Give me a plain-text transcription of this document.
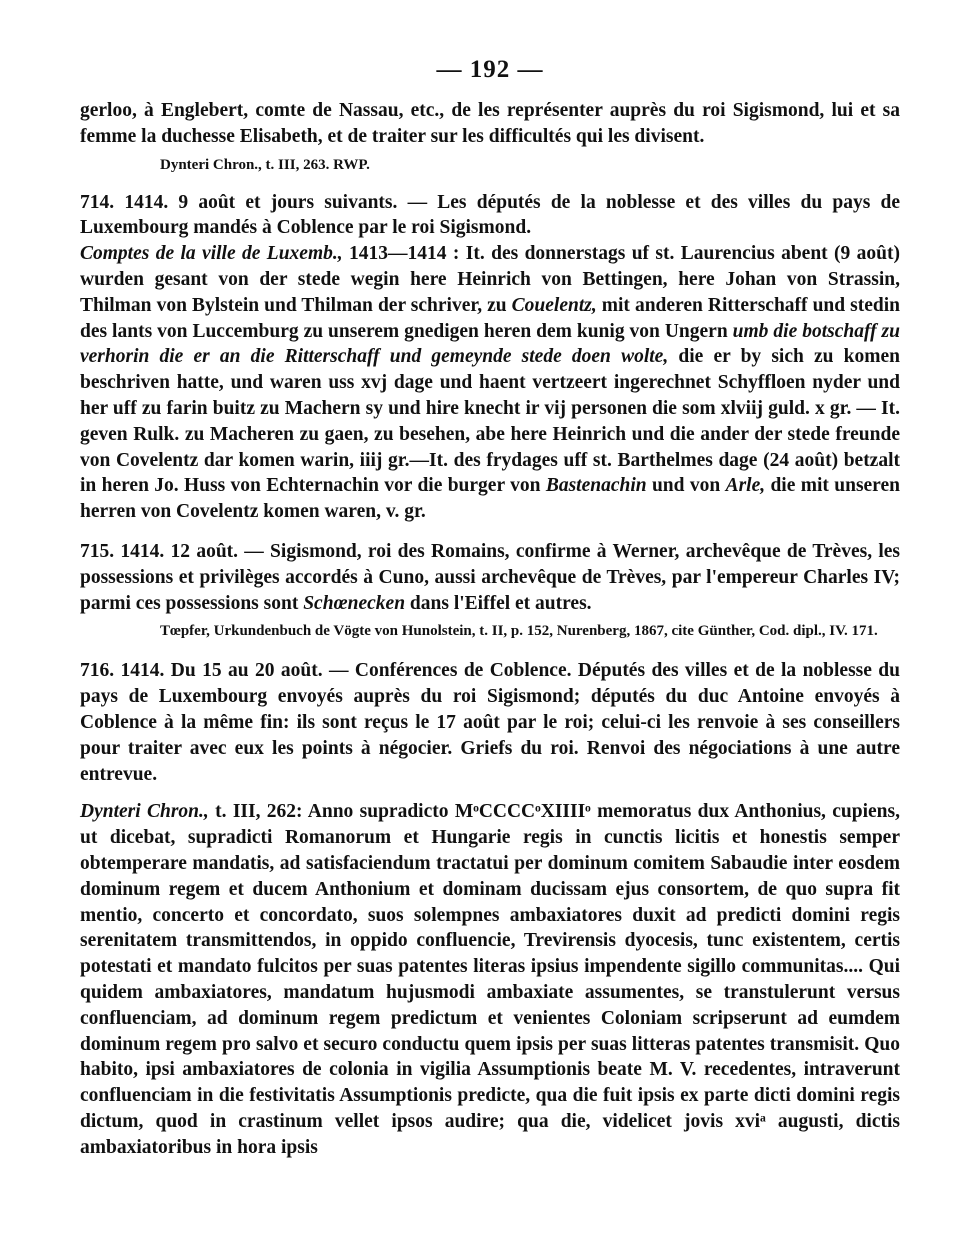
— 192 —

gerloo, à Englebert, comte de Nassau, etc., de les représenter auprès du roi Sigismond, lui et sa femme la duchesse Elisabeth, et de traiter sur les difficultés qui les divisent.

Dynteri Chron., t. III, 263. RWP.

714. 1414. 9 août et jours suivants. — Les députés de la noblesse et des villes du pays de Luxembourg mandés à Coblence par le roi Sigismond.

Comptes de la ville de Luxemb., 1413—1414 : It. des donnerstags uf st. Laurencius abent (9 août) wurden gesant von der stede wegin here Heinrich von Bettingen, here Johan von Strassin, Thilman von Bylstein und Thilman der schriver, zu Couelentz, mit anderen Ritterschaff und stedin des lants von Luccemburg zu unserem gnedigen heren dem kunig von Ungern umb die botschaff zu verhorin die er an die Ritterschaff und gemeynde stede doen wolte, die er by sich zu komen beschriven hatte, und waren uss xvj dage und haent vertzeert ingerechnet Schyffloen nyder und her uff zu farin buitz zu Machern sy und hire knecht ir vij personen die som xlviij guld. x gr. — It. geven Rulk. zu Macheren zu gaen, zu besehen, abe here Heinrich und die ander der stede freunde von Covelentz dar komen warin, iiij gr.—It. des frydages uff st. Barthelmes dage (24 août) betzalt in heren Jo. Huss von Echternachin vor die burger von Bastenachin und von Arle, die mit unseren herren von Covelentz komen waren, v. gr.

715. 1414. 12 août. — Sigismond, roi des Romains, confirme à Werner, archevêque de Trèves, les possessions et privilèges accordés à Cuno, aussi archevêque de Trèves, par l'empereur Charles IV; parmi ces possessions sont Schœnecken dans l'Eiffel et autres.

Tœpfer, Urkundenbuch de Vögte von Hunolstein, t. II, p. 152, Nurenberg, 1867, cite Günther, Cod. dipl., IV. 171.

716. 1414. Du 15 au 20 août. — Conférences de Coblence. Députés des villes et de la noblesse du pays de Luxembourg envoyés auprès du roi Sigismond; députés du duc Antoine envoyés à Coblence à la même fin: ils sont reçus le 17 août par le roi; celui-ci les renvoie à ses conseillers pour traiter avec eux les points à négocier. Griefs du roi. Renvoi des négociations à une autre entrevue.

Dynteri Chron., t. III, 262: Anno supradicto MᵒCCCCᵒXIIIIᵒ memoratus dux Anthonius, cupiens, ut dicebat, supradicti Romanorum et Hungarie regis in cunctis licitis et honestis semper obtemperare mandatis, ad satisfaciendum tractatui per dominum comitem Sabaudie inter eosdem dominum regem et ducem Anthonium et dominam ducissam ejus consortem, de quo supra fit mentio, concerto et concordato, suos solempnes ambaxiatores duxit ad predicti domini regis serenitatem transmittendos, in oppido confluencie, Trevirensis dyocesis, tunc existentem, certis potestati et mandato fulcitos per suas patentes literas ipsius impendente sigillo communitas.... Qui quidem ambaxiatores, mandatum hujusmodi ambaxiate assumentes, se transtulerunt versus confluenciam, ad dominum regem predictum et venientes Coloniam scripserunt ad eumdem dominum regem pro salvo et securo conductu quem ipsis per suas litteras patentes transmisit. Quo habito, ipsi ambaxiatores de colonia in vigilia Assumptionis beate M. V. recedentes, intraverunt confluenciam in die festivitatis Assumptionis predicte, qua die fuit ipsis ex parte dicti domini regis dictum, quod in crastinum vellet ipsos audire; qua die, videlicet jovis xviᵃ augusti, dictis ambaxiatoribus in hora ipsis
